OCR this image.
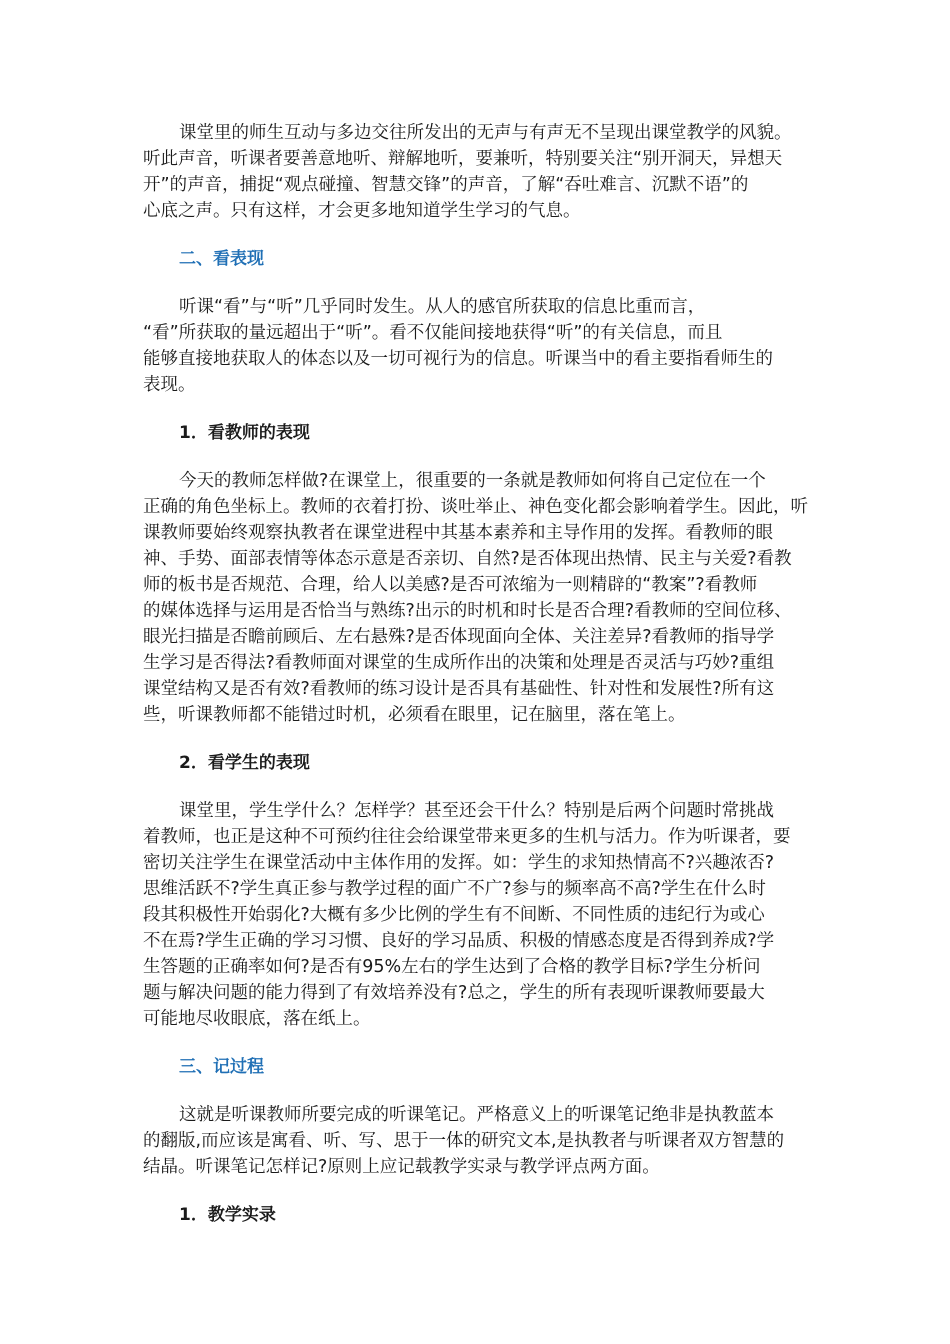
课堂里的师生互动与多边交往所发出的无声与有声无不呈现出课堂教学的风貌。
听此声音，听课者要善意地听、辩解地听，要兼听，特别要关注“别开洞天，异想天
开”的声音，捕捉“观点碰撞、智慧交锋”的声音，了解“吞吐难言、沉默不语”的
心底之声。只有这样，才会更多地知道学生学习的气息。
二、看表现
听课“看”与“听”几乎同时发生。从人的感官所获取的信息比重而言，
“看”所获取的量远超出于“听”。看不仅能间接地获得“听”的有关信息，而且
能够直接地获取人的体态以及一切可视行为的信息。听课当中的看主要指看师生的
表现。
1．看教师的表现
今天的教师怎样做?在课堂上，很重要的一条就是教师如何将自己定位在一个
正确的角色坐标上。教师的衣着打扮、谈吐举止、神色变化都会影响着学生。因此，听
课教师要始终观察执教者在课堂进程中其基本素养和主导作用的发挥。看教师的眼
神、手势、面部表情等体态示意是否亲切、自然?是否体现出热情、民主与关爱?看教
师的板书是否规范、合理，给人以美感?是否可浓缩为一则精辟的“教案”?看教师
的媒体选择与运用是否恰当与熟练?出示的时机和时长是否合理?看教师的空间位移、
眼光扫描是否瞻前顾后、左右悬殊?是否体现面向全体、关注差异?看教师的指导学
生学习是否得法?看教师面对课堂的生成所作出的决策和处理是否灵活与巧妙?重组
课堂结构又是否有效?看教师的练习设计是否具有基础性、针对性和发展性?所有这
些，听课教师都不能错过时机，必须看在眼里，记在脑里，落在笔上。
2．看学生的表现
课堂里，学生学什么？怎样学？甚至还会干什么？特别是后两个问题时常挑战
着教师，也正是这种不可预约往往会给课堂带来更多的生机与活力。作为听课者，要
密切关注学生在课堂活动中主体作用的发挥。如：学生的求知热情高不?兴趣浓否?
思维活跃不?学生真正参与教学过程的面广不广?参与的频率高不高?学生在什么时
段其积极性开始弱化?大概有多少比例的学生有不间断、不同性质的违纪行为或心
不在焉?学生正确的学习习惯、良好的学习品质、积极的情感态度是否得到养成?学
生答题的正确率如何?是否有95%左右的学生达到了合格的教学目标?学生分析问
题与解决问题的能力得到了有效培养没有?总之，学生的所有表现听课教师要最大
可能地尽收眼底，落在纸上。
三、记过程
这就是听课教师所要完成的听课笔记。严格意义上的听课笔记绝非是执教蓝本
的翻版,而应该是寓看、听、写、思于一体的研究文本,是执教者与听课者双方智慧的
结晶。听课笔记怎样记?原则上应记载教学实录与教学评点两方面。
1．教学实录
